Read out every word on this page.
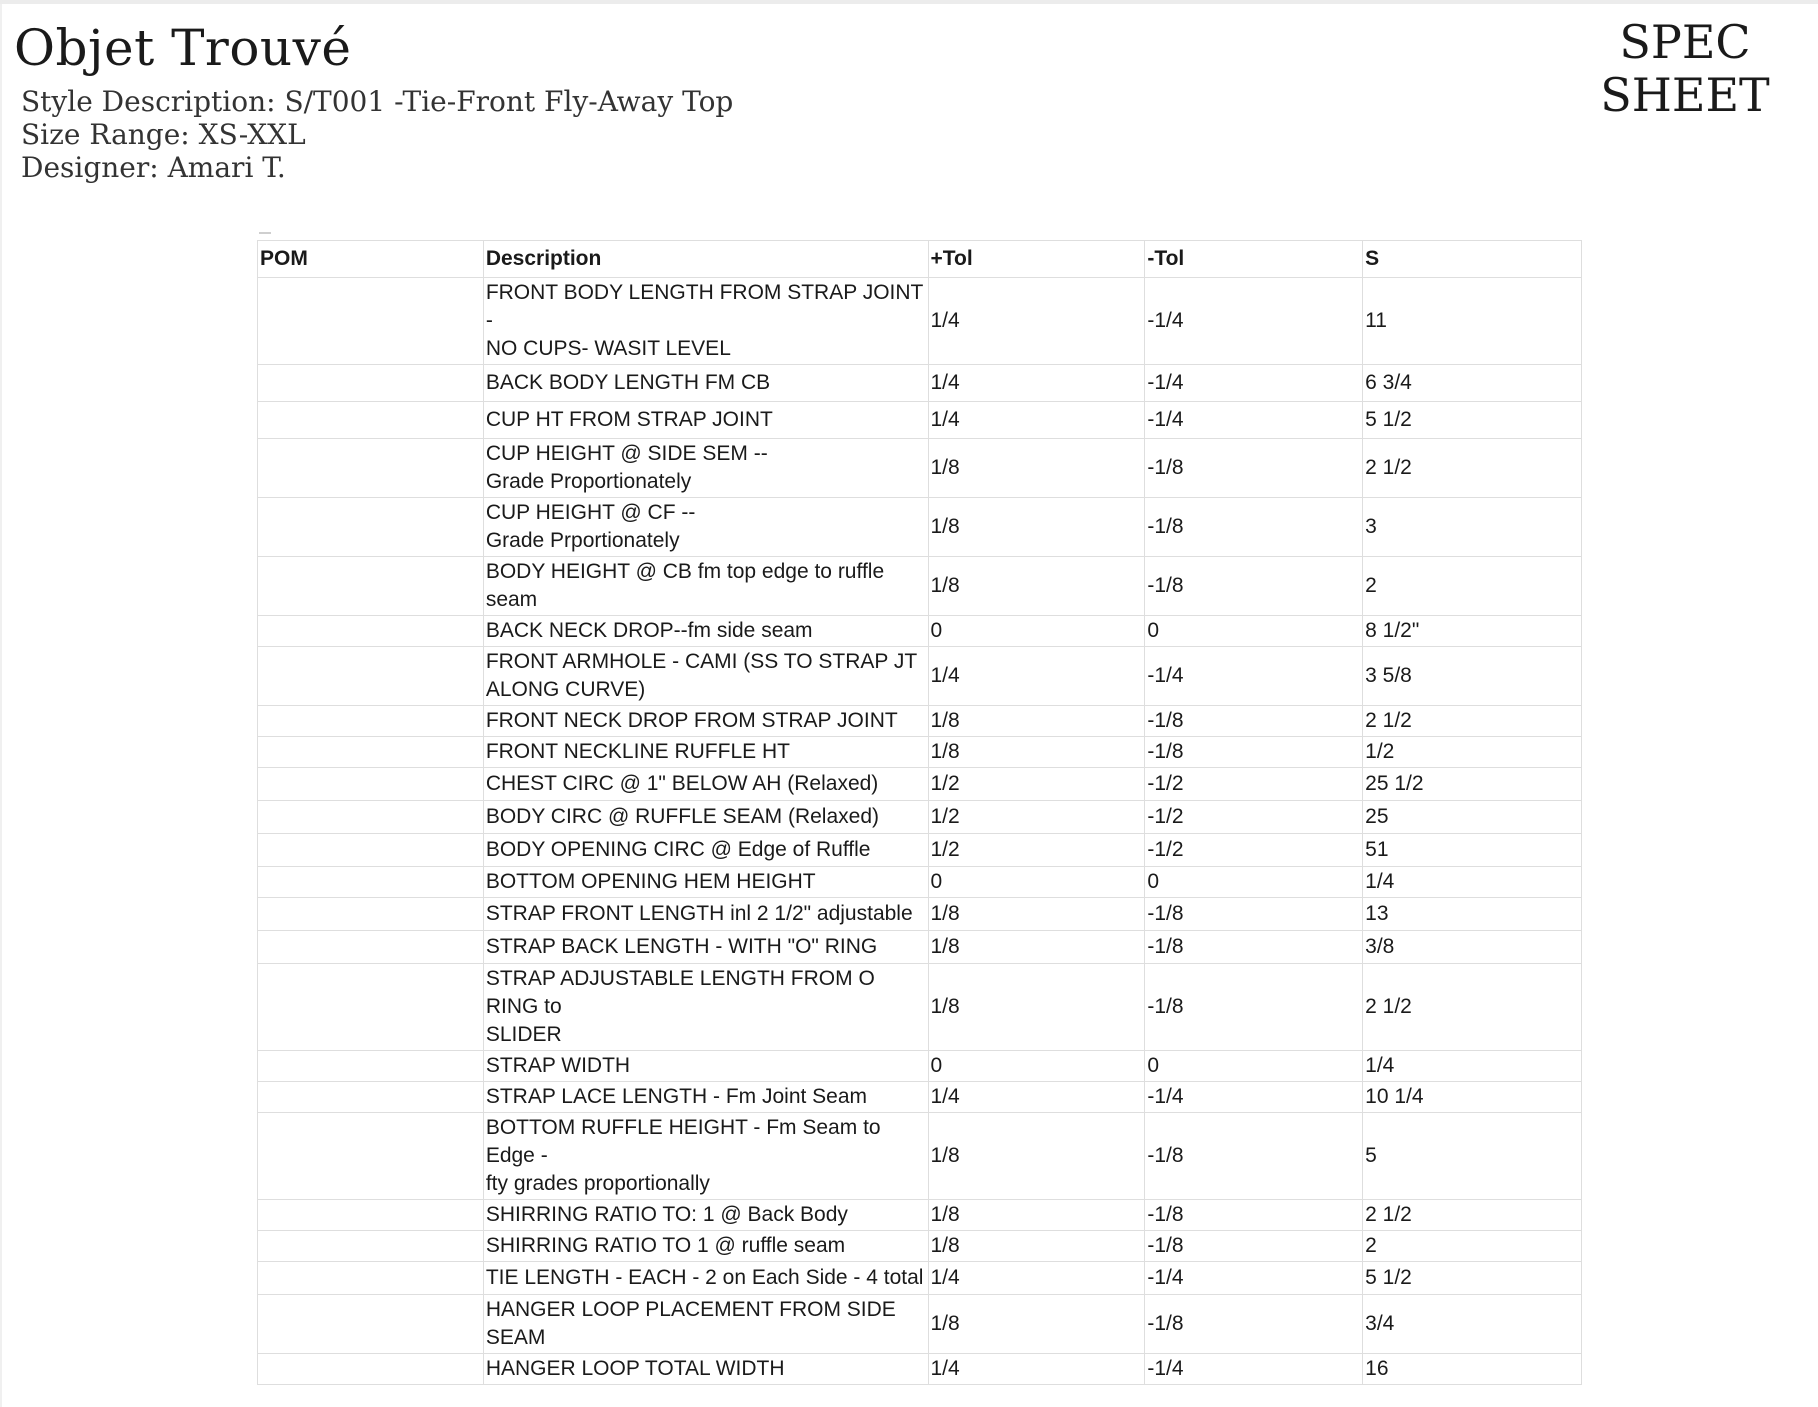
Objet Trouvé
Style Description: S/T001 -Tie-Front Fly-Away Top
Size Range: XS-XXL
Designer: Amari T.
SPEC
SHEET
POM	Description	+Tol	-Tol	S
	FRONT BODY LENGTH FROM STRAP JOINT -
NO CUPS- WASIT LEVEL	1/4	-1/4	11
	BACK BODY LENGTH FM CB	1/4	-1/4	6 3/4
	CUP HT FROM STRAP JOINT	1/4	-1/4	5 1/2
	CUP HEIGHT @ SIDE SEM --
Grade Proportionately	1/8	-1/8	2 1/2
	CUP HEIGHT @ CF --
Grade Prportionately	1/8	-1/8	3
	BODY HEIGHT @ CB fm top edge to ruffle
seam	1/8	-1/8	2
	BACK NECK DROP--fm side seam	0	0	8 1/2"
	FRONT ARMHOLE - CAMI (SS TO STRAP JT
ALONG CURVE)	1/4	-1/4	3 5/8
	FRONT NECK DROP FROM STRAP JOINT	1/8	-1/8	2 1/2
	FRONT NECKLINE RUFFLE HT	1/8	-1/8	1/2
	CHEST CIRC @ 1" BELOW AH (Relaxed)	1/2	-1/2	25 1/2
	BODY CIRC @ RUFFLE SEAM (Relaxed)	1/2	-1/2	25
	BODY OPENING CIRC @ Edge of Ruffle	1/2	-1/2	51
	BOTTOM OPENING HEM HEIGHT	0	0	1/4
	STRAP FRONT LENGTH inl 2 1/2" adjustable	1/8	-1/8	13
	STRAP BACK LENGTH - WITH "O" RING	1/8	-1/8	3/8
	STRAP ADJUSTABLE LENGTH FROM O RING to
SLIDER	1/8	-1/8	2 1/2
	STRAP WIDTH	0	0	1/4
	STRAP LACE LENGTH - Fm Joint Seam	1/4	-1/4	10 1/4
	BOTTOM RUFFLE HEIGHT - Fm Seam to Edge -
fty grades proportionally	1/8	-1/8	5
	SHIRRING RATIO TO: 1 @ Back Body	1/8	-1/8	2 1/2
	SHIRRING RATIO TO 1 @ ruffle seam	1/8	-1/8	2
	TIE LENGTH - EACH - 2 on Each Side - 4 total	1/4	-1/4	5 1/2
	HANGER LOOP PLACEMENT FROM SIDE SEAM	1/8	-1/8	3/4
	HANGER LOOP TOTAL WIDTH	1/4	-1/4	16
